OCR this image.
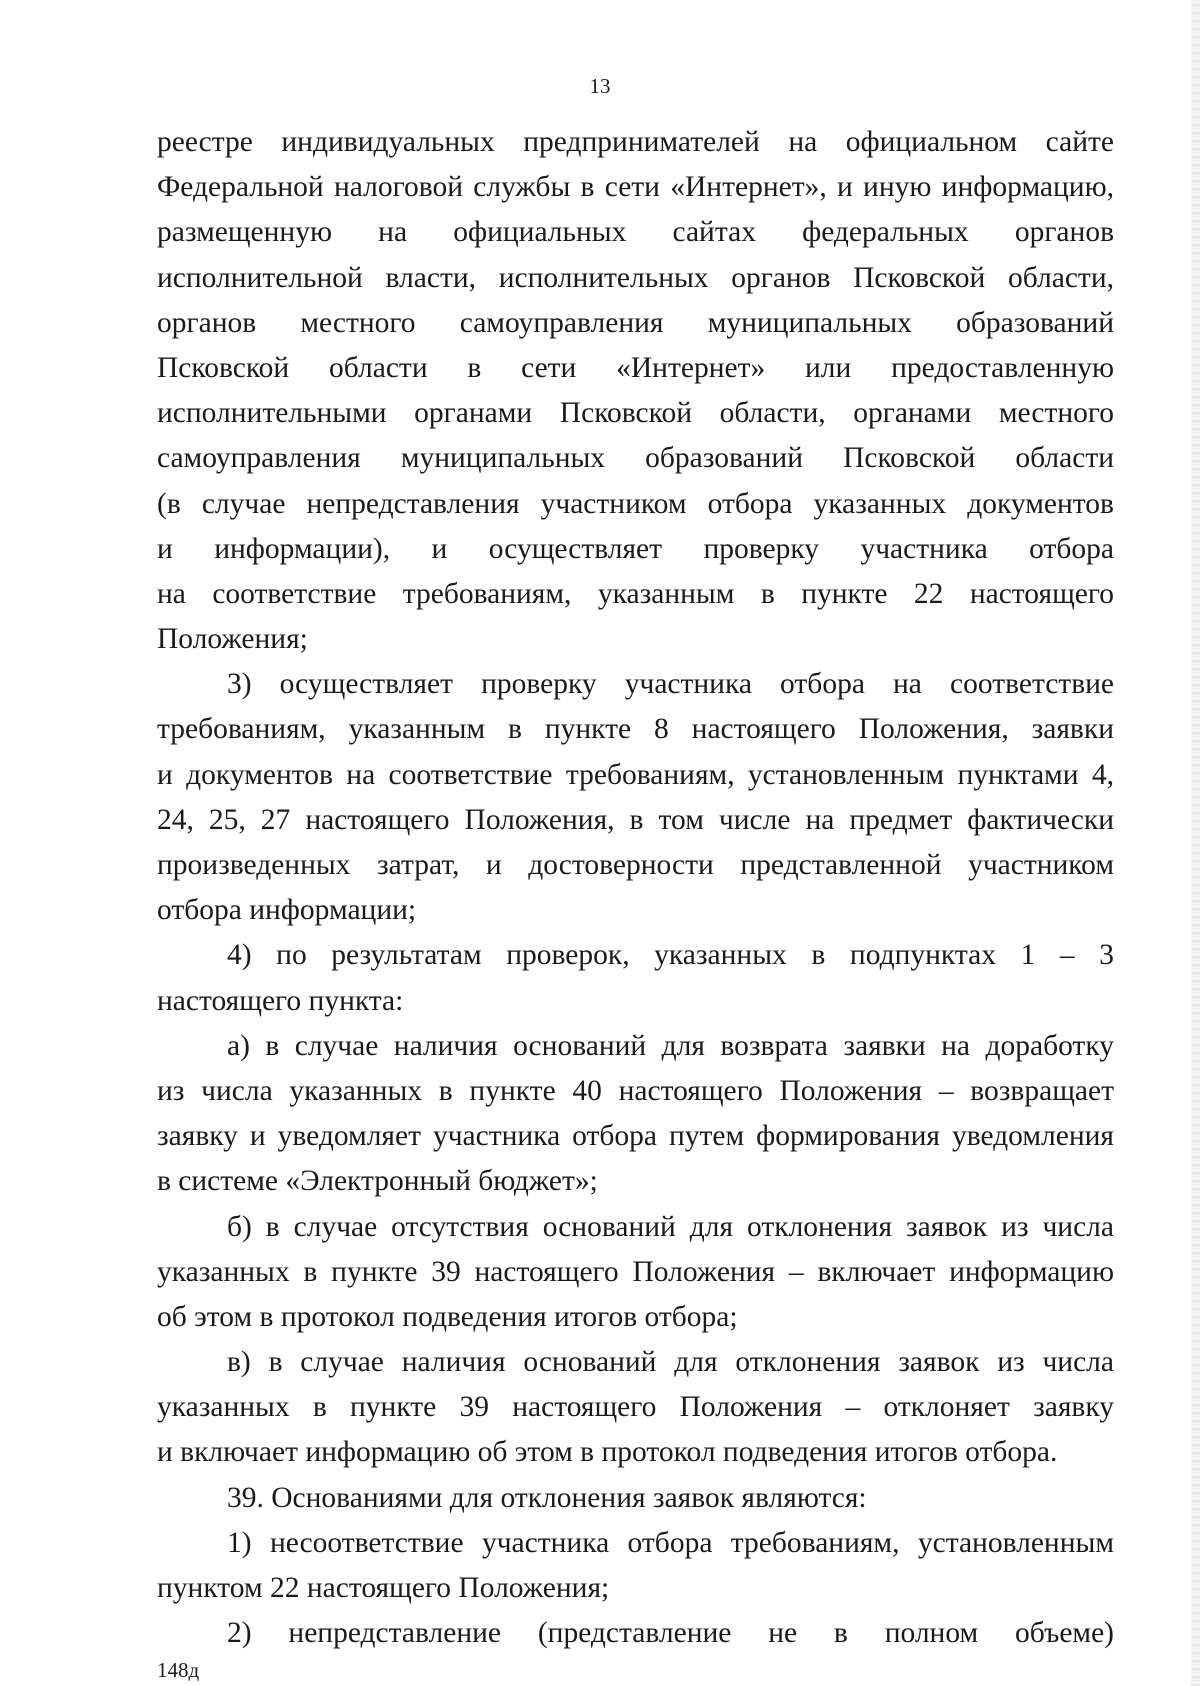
13
реестре индивидуальных предпринимателей на официальном сайте
Федеральной налоговой службы в сети «Интернет», и иную информацию,
размещенную на официальных сайтах федеральных органов
исполнительной власти, исполнительных органов Псковской области,
органов местного самоуправления муниципальных образований
Псковской области в сети «Интернет» или предоставленную
исполнительными органами Псковской области, органами местного
самоуправления муниципальных образований Псковской области
(в случае непредставления участником отбора указанных документов
и информации), и осуществляет проверку участника отбора
на соответствие требованиям, указанным в пункте 22 настоящего
Положения;
3) осуществляет проверку участника отбора на соответствие
требованиям, указанным в пункте 8 настоящего Положения, заявки
и документов на соответствие требованиям, установленным пунктами 4,
24, 25, 27 настоящего Положения, в том числе на предмет фактически
произведенных затрат, и достоверности представленной участником
отбора информации;
4) по результатам проверок, указанных в подпунктах 1 – 3
настоящего пункта:
а) в случае наличия оснований для возврата заявки на доработку
из числа указанных в пункте 40 настоящего Положения – возвращает
заявку и уведомляет участника отбора путем формирования уведомления
в системе «Электронный бюджет»;
б) в случае отсутствия оснований для отклонения заявок из числа
указанных в пункте 39 настоящего Положения – включает информацию
об этом в протокол подведения итогов отбора;
в) в случае наличия оснований для отклонения заявок из числа
указанных в пункте 39 настоящего Положения – отклоняет заявку
и включает информацию об этом в протокол подведения итогов отбора.
39. Основаниями для отклонения заявок являются:
1) несоответствие участника отбора требованиям, установленным
пунктом 22 настоящего Положения;
2) непредставление (представление не в полном объеме)
148д
